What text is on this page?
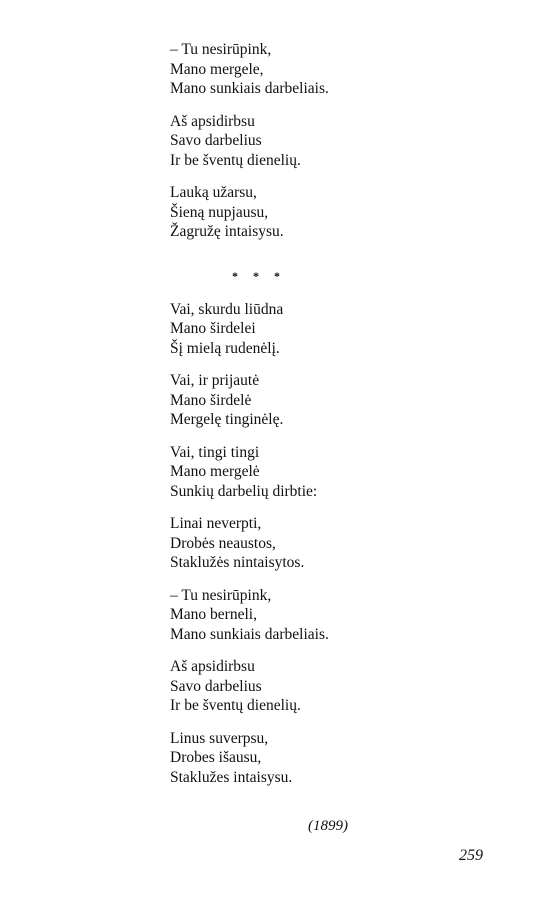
– Tu nesirūpink,
Mano mergele,
Mano sunkiais darbeliais.
Aš apsidirbsu
Savo darbelius
Ir be šventų dienelių.
Lauką užarsu,
Šieną nupjausu,
Žagružę intaisysu.
* * *
Vai, skurdu liūdna
Mano širdelei
Šį mielą rudenėlį.
Vai, ir prijautė
Mano širdelė
Mergelę tinginėlę.
Vai, tingi tingi
Mano mergelė
Sunkių darbelių dirbtie:
Linai neverpti,
Drobės neaustos,
Staklužės nintaisytos.
– Tu nesirūpink,
Mano berneli,
Mano sunkiais darbeliais.
Aš apsidirbsu
Savo darbelius
Ir be šventų dienelių.
Linus suverpsu,
Drobes išausu,
Staklužes intaisysu.
(1899)
259
